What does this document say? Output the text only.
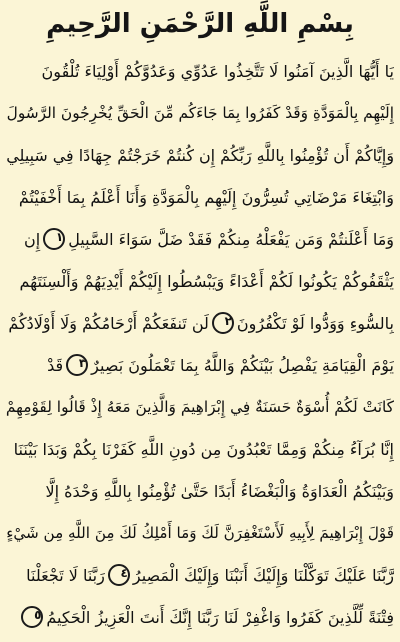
بِسْمِ اللَّهِ الرَّحْمَنِ الرَّحِيمِ
يَا أَيُّهَا الَّذِينَ آمَنُوا لَا تَتَّخِذُوا عَدُوِّي وَعَدُوَّكُمْ أَوْلِيَاءَ تُلْقُونَ
إِلَيْهِم بِالْمَوَدَّةِ وَقَدْ كَفَرُوا بِمَا جَاءَكُم مِّنَ الْحَقِّ يُخْرِجُونَ الرَّسُولَ
وَإِيَّاكُمْ أَن تُؤْمِنُوا بِاللَّهِ رَبِّكُمْ إِن كُنتُمْ خَرَجْتُمْ جِهَادًا فِي سَبِيلِي
وَابْتِغَاءَ مَرْضَاتِي تُسِرُّونَ إِلَيْهِم بِالْمَوَدَّةِ وَأَنَا أَعْلَمُ بِمَا أَخْفَيْتُمْ
وَمَا أَعْلَنتُمْ وَمَن يَفْعَلْهُ مِنكُمْ فَقَدْ ضَلَّ سَوَاءَ السَّبِيلِ
١
إِن
يَثْقَفُوكُمْ يَكُونُوا لَكُمْ أَعْدَاءً وَيَبْسُطُوا إِلَيْكُمْ أَيْدِيَهُمْ وَأَلْسِنَتَهُم
بِالسُّوءِ وَوَدُّوا لَوْ تَكْفُرُونَ
٢
لَن تَنفَعَكُمْ أَرْحَامُكُمْ وَلَا أَوْلَادُكُمْ
يَوْمَ الْقِيَامَةِ يَفْصِلُ بَيْنَكُمْ وَاللَّهُ بِمَا تَعْمَلُونَ بَصِيرٌ
٣
قَدْ
كَانَتْ لَكُمْ أُسْوَةٌ حَسَنَةٌ فِي إِبْرَاهِيمَ وَالَّذِينَ مَعَهُ إِذْ قَالُوا لِقَوْمِهِمْ
إِنَّا بُرَآءُ مِنكُمْ وَمِمَّا تَعْبُدُونَ مِن دُونِ اللَّهِ كَفَرْنَا بِكُمْ وَبَدَا بَيْنَنَا
وَبَيْنَكُمُ الْعَدَاوَةُ وَالْبَغْضَاءُ أَبَدًا حَتَّىٰ تُؤْمِنُوا بِاللَّهِ وَحْدَهُ إِلَّا
قَوْلَ إِبْرَاهِيمَ لِأَبِيهِ لَأَسْتَغْفِرَنَّ لَكَ وَمَا أَمْلِكُ لَكَ مِنَ اللَّهِ مِن شَيْءٍ
رَّبَّنَا عَلَيْكَ تَوَكَّلْنَا وَإِلَيْكَ أَنَبْنَا وَإِلَيْكَ الْمَصِيرُ
٤
رَبَّنَا لَا تَجْعَلْنَا
فِتْنَةً لِّلَّذِينَ كَفَرُوا وَاغْفِرْ لَنَا رَبَّنَا إِنَّكَ أَنتَ الْعَزِيزُ الْحَكِيمُ
٥
